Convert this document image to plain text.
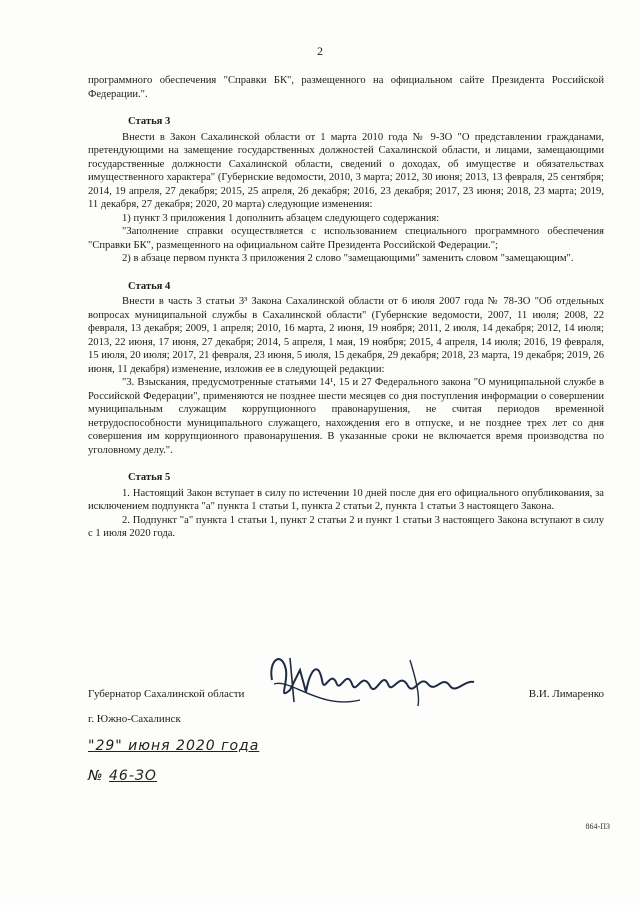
2

программного обеспечения "Справки БК", размещенного на официальном сайте Президента Российской Федерации.".

Статья 3

Внести в Закон Сахалинской области от 1 марта 2010 года № 9-ЗО "О представлении гражданами, претендующими на замещение государственных должностей Сахалинской области, и лицами, замещающими государственные должности Сахалинской области, сведений о доходах, об имуществе и обязательствах имущественного характера" (Губернские ведомости, 2010, 3 марта; 2012, 30 июня; 2013, 13 февраля, 25 сентября; 2014, 19 апреля, 27 декабря; 2015, 25 апреля, 26 декабря; 2016, 23 декабря; 2017, 23 июня; 2018, 23 марта; 2019, 11 декабря, 27 декабря; 2020, 20 марта) следующие изменения:

1) пункт 3 приложения 1 дополнить абзацем следующего содержания:

"Заполнение справки осуществляется с использованием специального программного обеспечения "Справки БК", размещенного на официальном сайте Президента Российской Федерации.";

2) в абзаце первом пункта 3 приложения 2 слово "замещающими" заменить словом "замещающим".

Статья 4

Внести в часть 3 статьи 3³ Закона Сахалинской области от 6 июля 2007 года № 78-ЗО "Об отдельных вопросах муниципальной службы в Сахалинской области" (Губернские ведомости, 2007, 11 июля; 2008, 22 февраля, 13 декабря; 2009, 1 апреля; 2010, 16 марта, 2 июня, 19 ноября; 2011, 2 июля, 14 декабря; 2012, 14 июля; 2013, 22 июня, 17 июня, 27 декабря; 2014, 5 апреля, 1 мая, 19 ноября; 2015, 4 апреля, 14 июля; 2016, 19 февраля, 15 июля, 20 июля; 2017, 21 февраля, 23 июня, 5 июля, 15 декабря, 29 декабря; 2018, 23 марта, 19 декабря; 2019, 26 июня, 11 декабря) изменение, изложив ее в следующей редакции:

"3. Взыскания, предусмотренные статьями 14¹, 15 и 27 Федерального закона "О муниципальной службе в Российской Федерации", применяются не позднее шести месяцев со дня поступления информации о совершении муниципальным служащим коррупционного правонарушения, не считая периодов временной нетрудоспособности муниципального служащего, нахождения его в отпуске, и не позднее трех лет со дня совершения им коррупционного правонарушения. В указанные сроки не включается время производства по уголовному делу.".

Статья 5

1. Настоящий Закон вступает в силу по истечении 10 дней после дня его официального опубликования, за исключением подпункта "а" пункта 1 статьи 1, пункта 2 статьи 2, пункта 1 статьи 3 настоящего Закона.

2. Подпункт "а" пункта 1 статьи 1, пункт 2 статьи 2 и пункт 1 статьи 3 настоящего Закона вступают в силу с 1 июля 2020 года.

Губернатор Сахалинской области	В.И. Лимаренко
г. Южно-Сахалинск
"29" июня 2020 года
№ 46-ЗО
864-ПЗ
